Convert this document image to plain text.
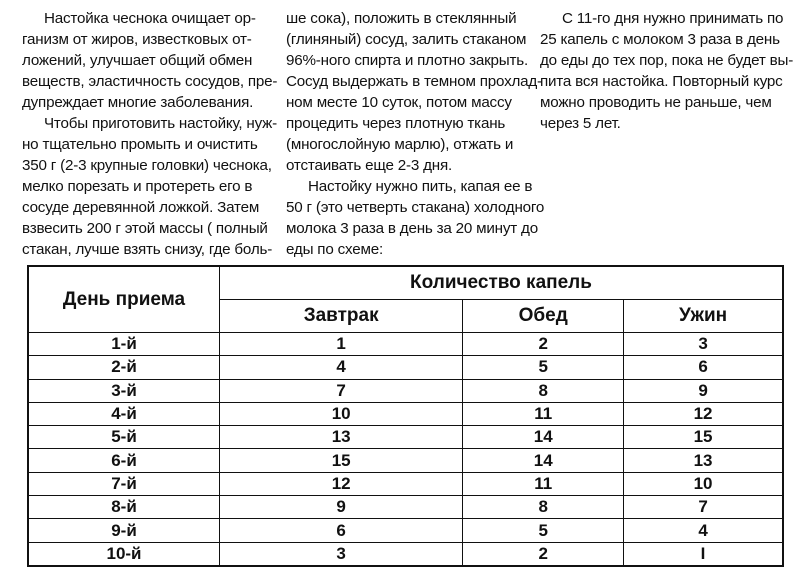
Настойка чеснока очищает ор-
ганизм от жиров, известковых от-
ложений, улучшает общий обмен
веществ, эластичность сосудов, пре-
дупреждает многие заболевания.
Чтобы приготовить настойку, нуж-
но тщательно промыть и очистить
350 г (2-3 крупные головки) чеснока,
мелко порезать и протереть его в
сосуде деревянной ложкой. Затем
взвесить 200 г этой массы ( полный
стакан, лучше взять снизу, где боль-
ше сока), положить в стеклянный
(глиняный) сосуд, залить стаканом
96%-ного спирта и плотно закрыть.
Сосуд выдержать в темном прохлад-
ном месте 10 суток, потом массу
процедить через плотную ткань
(многослойную марлю), отжать и
отстаивать еще 2-3 дня.
Настойку нужно пить, капая ее в
50 г (это четверть стакана) холодного
молока 3 раза в день за 20 минут до
еды по схеме:
С 11-го дня нужно принимать по
25 капель с молоком 3 раза в день
до еды до тех пор, пока не будет вы-
пита вся настойка. Повторный курс
можно проводить не раньше, чем
через 5 лет.
День приема	Количество капель		
	Завтрак	Обед	Ужин
1-й	1	2	3
2-й	4	5	6
3-й	7	8	9
4-й	10	11	12
5-й	13	14	15
6-й	15	14	13
7-й	12	11	10
8-й	9	8	7
9-й	6	5	4
10-й	3	2	I
